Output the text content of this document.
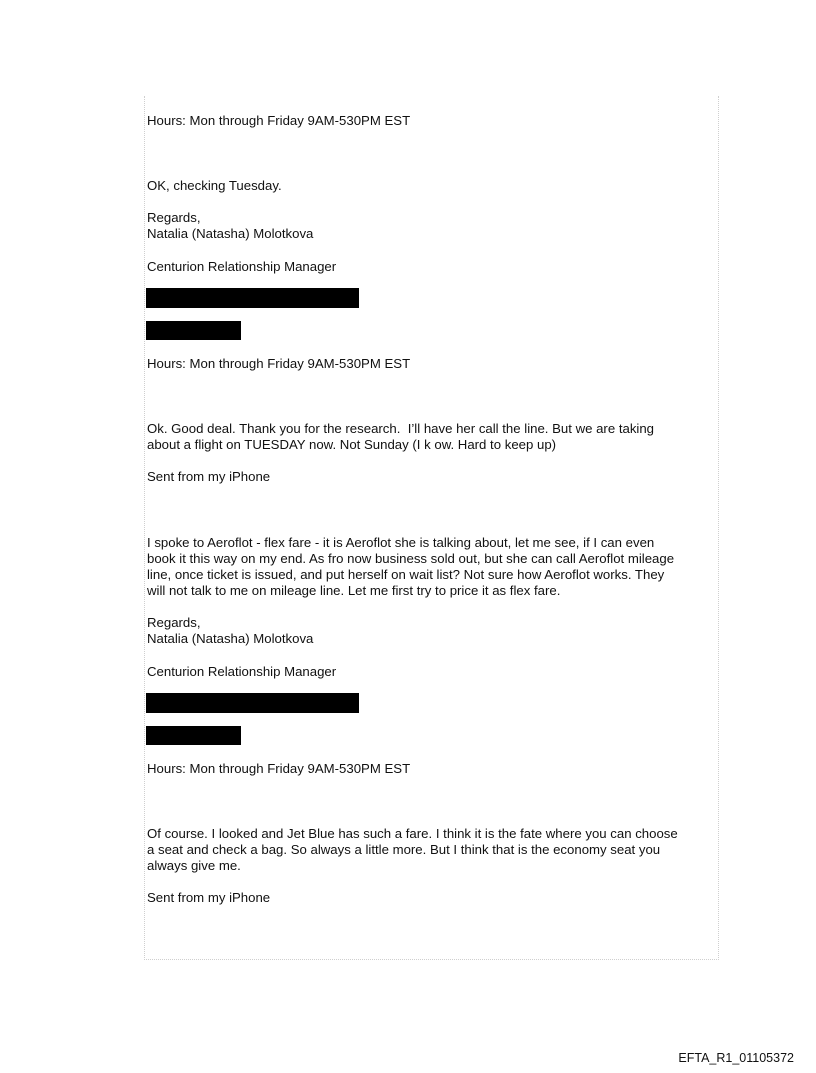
Hours: Mon through Friday 9AM-530PM EST

OK, checking Tuesday.

Regards,

Natalia (Natasha) Molotkova

Centurion Relationship Manager

Hours: Mon through Friday 9AM-530PM EST

Ok. Good deal. Thank you for the research.  I’ll have her call the line. But we are taking

about a flight on TUESDAY now. Not Sunday (I k ow. Hard to keep up)

Sent from my iPhone

I spoke to Aeroflot - flex fare - it is Aeroflot she is talking about, let me see, if I can even

book it this way on my end. As fro now business sold out, but she can call Aeroflot mileage

line, once ticket is issued, and put herself on wait list? Not sure how Aeroflot works. They

will not talk to me on mileage line. Let me first try to price it as flex fare.

Regards,

Natalia (Natasha) Molotkova

Centurion Relationship Manager

Hours: Mon through Friday 9AM-530PM EST

Of course. I looked and Jet Blue has such a fare. I think it is the fate where you can choose

a seat and check a bag. So always a little more. But I think that is the economy seat you

always give me.

Sent from my iPhone

EFTA_R1_01105372
